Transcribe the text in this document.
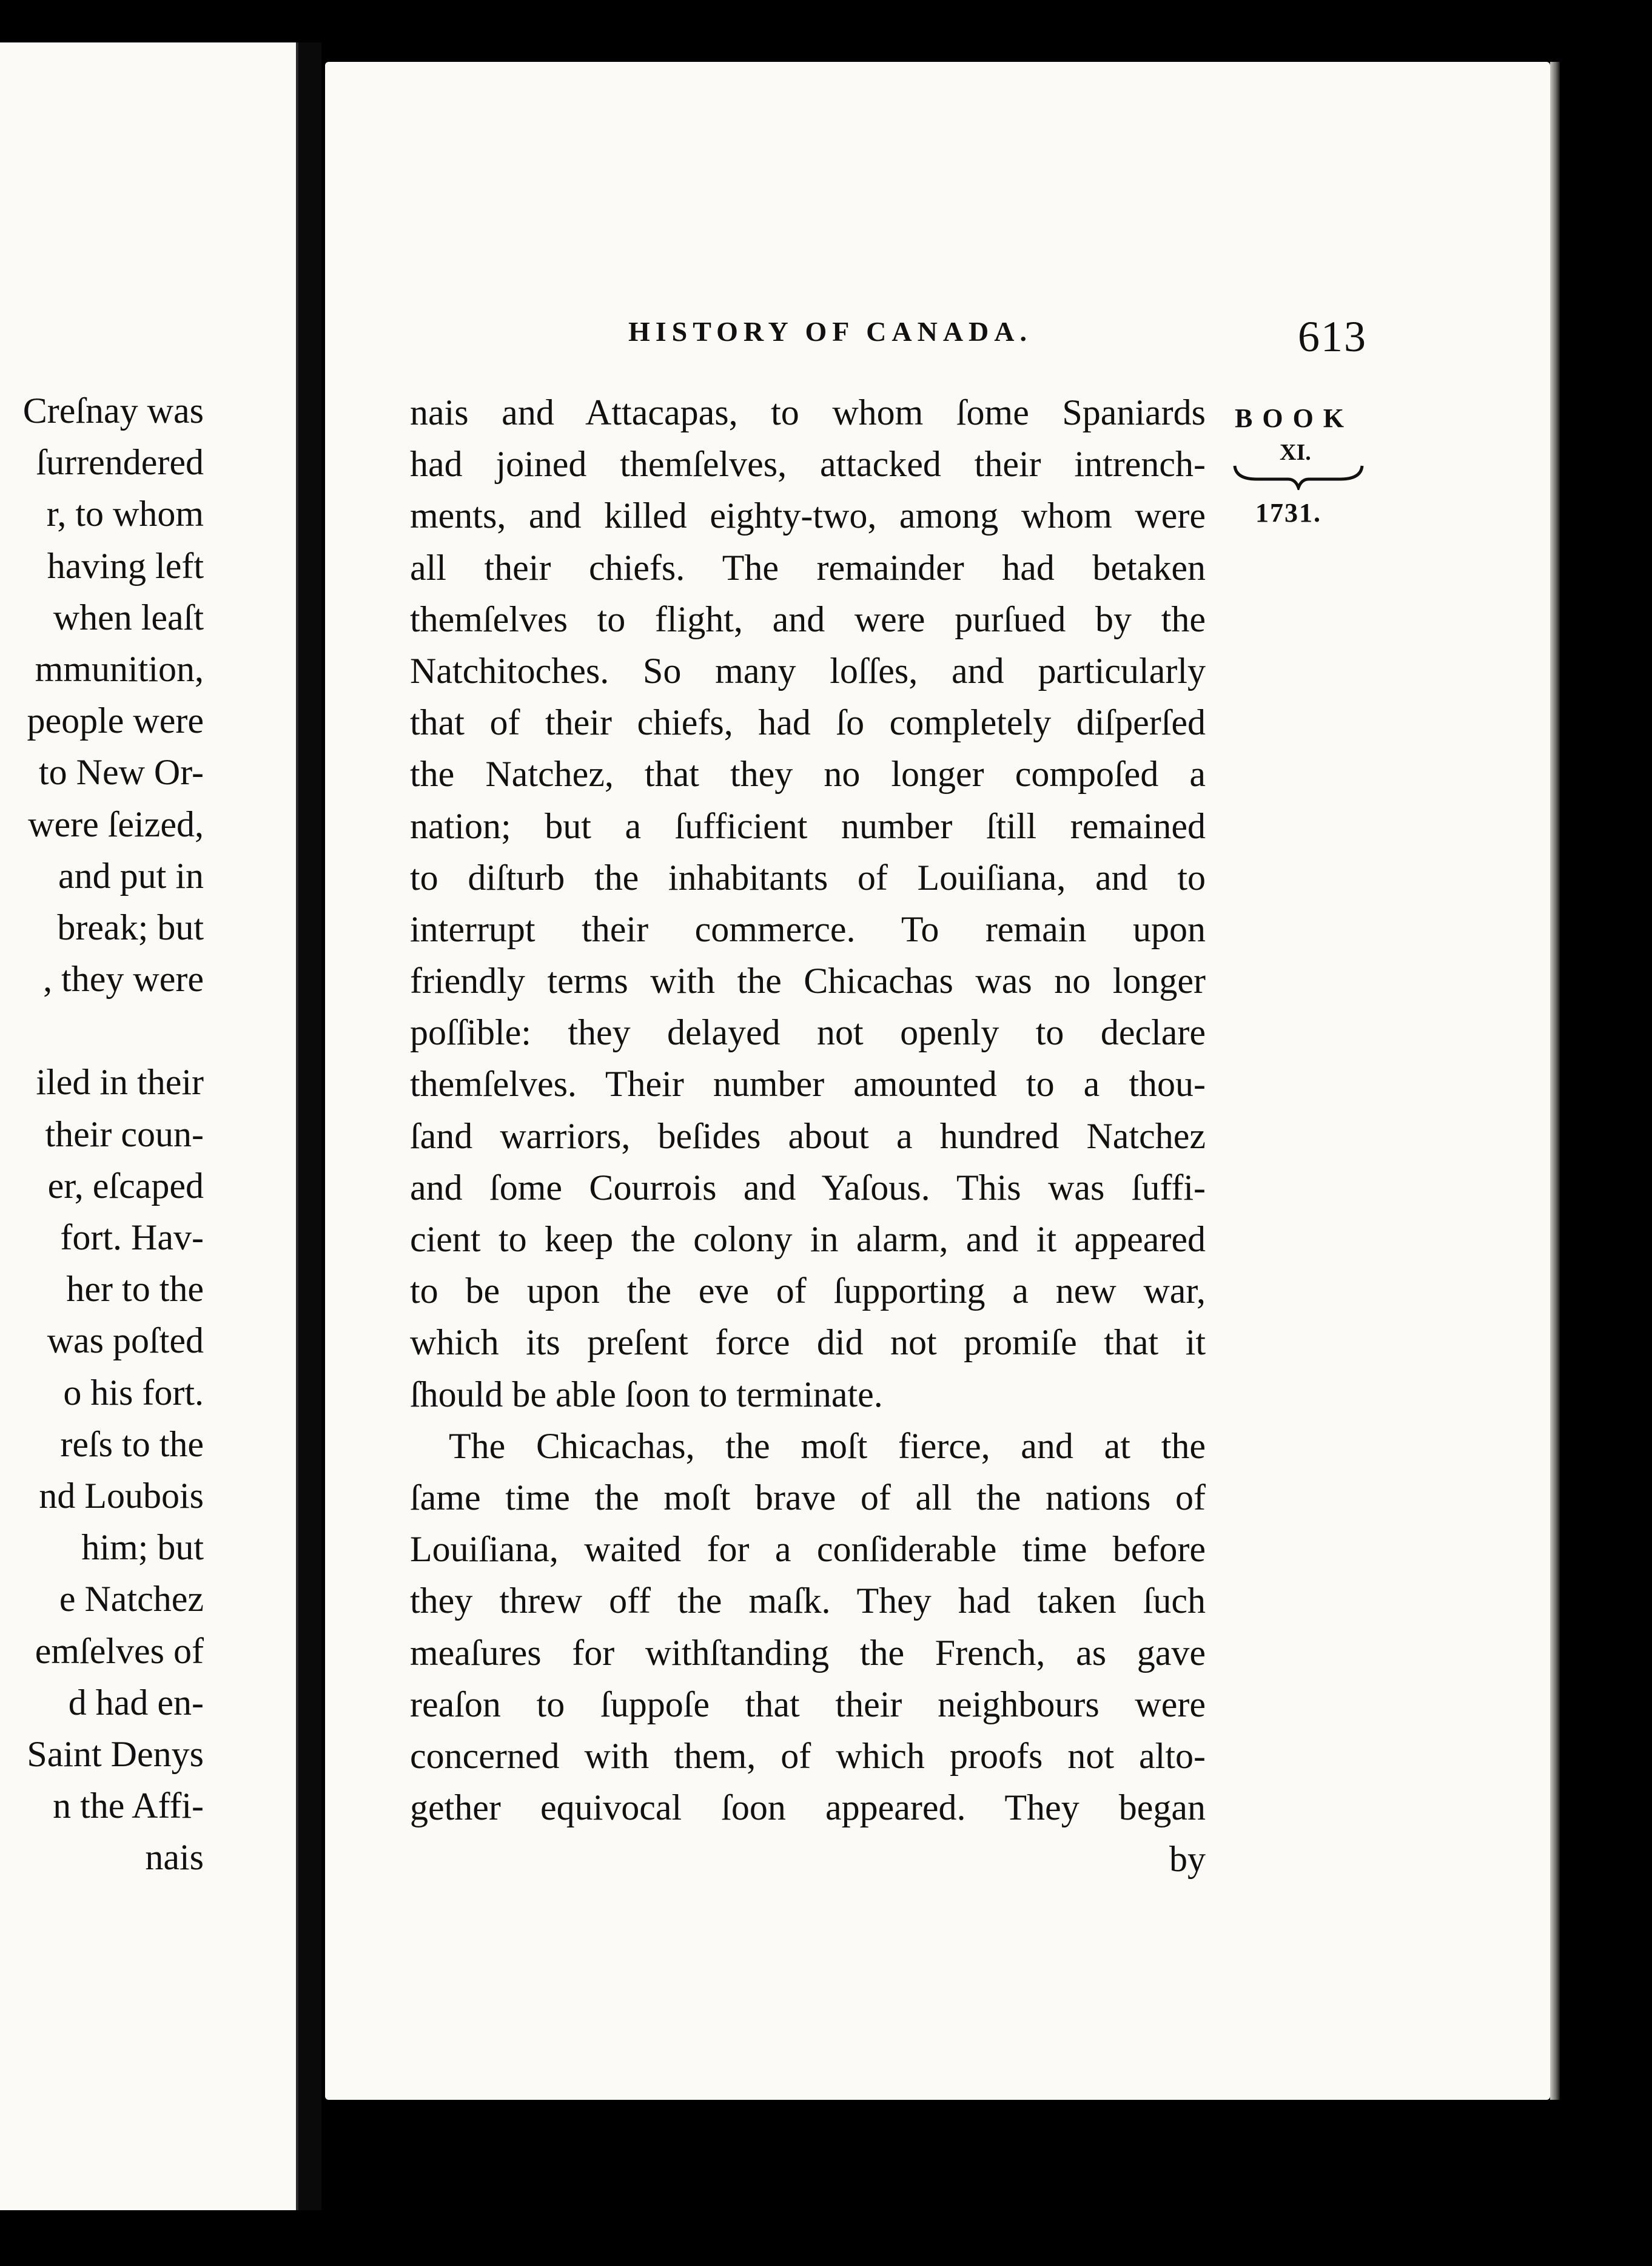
Creſnay was
ſurrendered
r, to whom
having left
when leaſt
mmunition,
people were
to New Or-
were ſeized,
and put in
break; but
, they were
iled in their
their coun-
er, eſcaped
fort. Hav-
her to the
was poſted
o his fort.
reſs to the
nd Loubois
him; but
e Natchez
emſelves of
d had en-
Saint Denys
n the Affi-
nais
HISTORY OF CANADA.	613
BOOK
XI.
1731.
nais and Attacapas, to whom ſome Spaniards
had joined themſelves, attacked their intrench-
ments, and killed eighty-two, among whom were
all their chiefs. The remainder had betaken
themſelves to flight, and were purſued by the
Natchitoches. So many loſſes, and particularly
that of their chiefs, had ſo completely diſperſed
the Natchez, that they no longer compoſed a
nation; but a ſufficient number ſtill remained
to diſturb the inhabitants of Louiſiana, and to
interrupt their commerce. To remain upon
friendly terms with the Chicachas was no longer
poſſible: they delayed not openly to declare
themſelves. Their number amounted to a thou-
ſand warriors, beſides about a hundred Natchez
and ſome Courrois and Yaſous. This was ſuffi-
cient to keep the colony in alarm, and it appeared
to be upon the eve of ſupporting a new war,
which its preſent force did not promiſe that it
ſhould be able ſoon to terminate.
The Chicachas, the moſt fierce, and at the
ſame time the moſt brave of all the nations of
Louiſiana, waited for a conſiderable time before
they threw off the maſk. They had taken ſuch
meaſures for withſtanding the French, as gave
reaſon to ſuppoſe that their neighbours were
concerned with them, of which proofs not alto-
gether equivocal ſoon appeared. They began
by
